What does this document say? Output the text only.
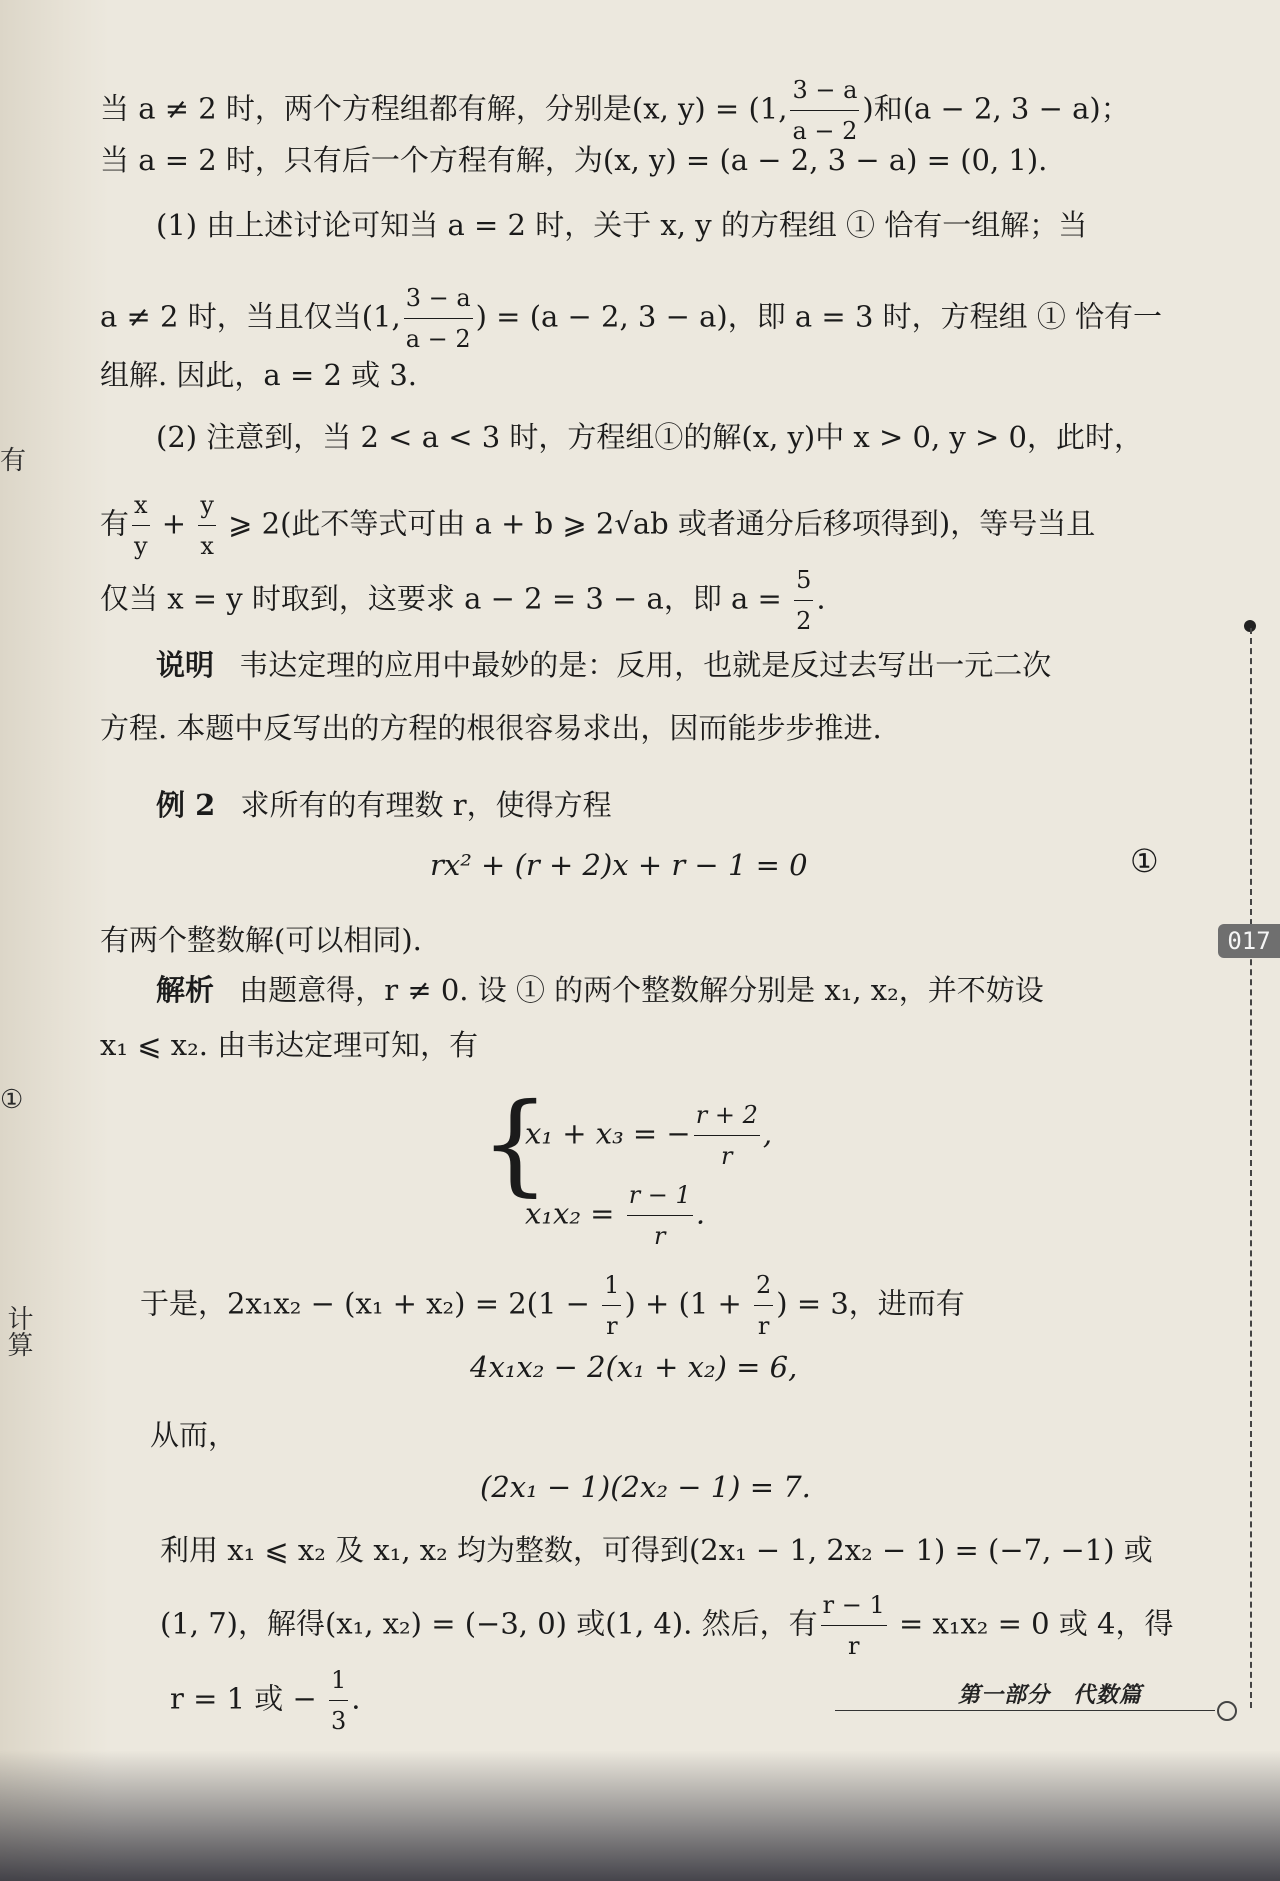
有
①
计算
当 a ≠ 2 时，两个方程组都有解，分别是(x, y) = (1, $\frac{3 - a}{a - 2}$ )和(a − 2, 3 − a)；
当 a = 2 时，只有后一个方程有解，为(x, y) = (a − 2, 3 − a) = (0, 1).
(1) 由上述讨论可知当 a = 2 时，关于 x, y 的方程组 ① 恰有一组解；当
a ≠ 2 时，当且仅当(1, $\frac{3 - a}{a - 2}$ ) = (a − 2, 3 − a)，即 a = 3 时，方程组 ① 恰有一
组解. 因此，a = 2 或 3.
(2) 注意到，当 2 < a < 3 时，方程组①的解(x, y)中 x > 0, y > 0，此时，
有 $\frac{x}{y} + \frac{y}{x}$ ⩾ 2(此不等式可由 a + b ⩾ 2√ab 或者通分后移项得到)，等号当且
仅当 x = y 时取到，这要求 a − 2 = 3 − a，即 $a = \frac{5}{2}$ .
说明 韦达定理的应用中最妙的是：反用，也就是反过去写出一元二次
方程. 本题中反写出的方程的根很容易求出，因而能步步推进.
例 2 求所有的有理数 r，使得方程
rx² + (r + 2)x + r − 1 = 0	①
有两个整数解(可以相同).
解析 由题意得，r ≠ 0. 设 ① 的两个整数解分别是 x₁, x₂，并不妨设
x₁ ⩽ x₂. 由韦达定理可知，有
{
x₁ + x₃ = − $\frac{r + 2}{r}$ ,
$x_1x_2 = \frac{r - 1}{r}$ .
于是，$2x_1x_2 - (x_1 + x_2) = 2(1 - \frac{1}{r}$ ) + ($1 + \frac{2}{r}$ ) = 3，进而有
4x₁x₂ − 2(x₁ + x₂) = 6,
从而，
(2x₁ − 1)(2x₂ − 1) = 7.
利用 x₁ ⩽ x₂ 及 x₁, x₂ 均为整数，可得到(2x₁ − 1, 2x₂ − 1) = (−7, −1) 或
(1, 7)，解得(x₁, x₂) = (−3, 0) 或(1, 4). 然后，有 $\frac{r - 1}{r} = x_1x_2 = 0$ 或 4，得
r = 1 或 − $\frac{1}{3}$ .
017
第一部分　代数篇
